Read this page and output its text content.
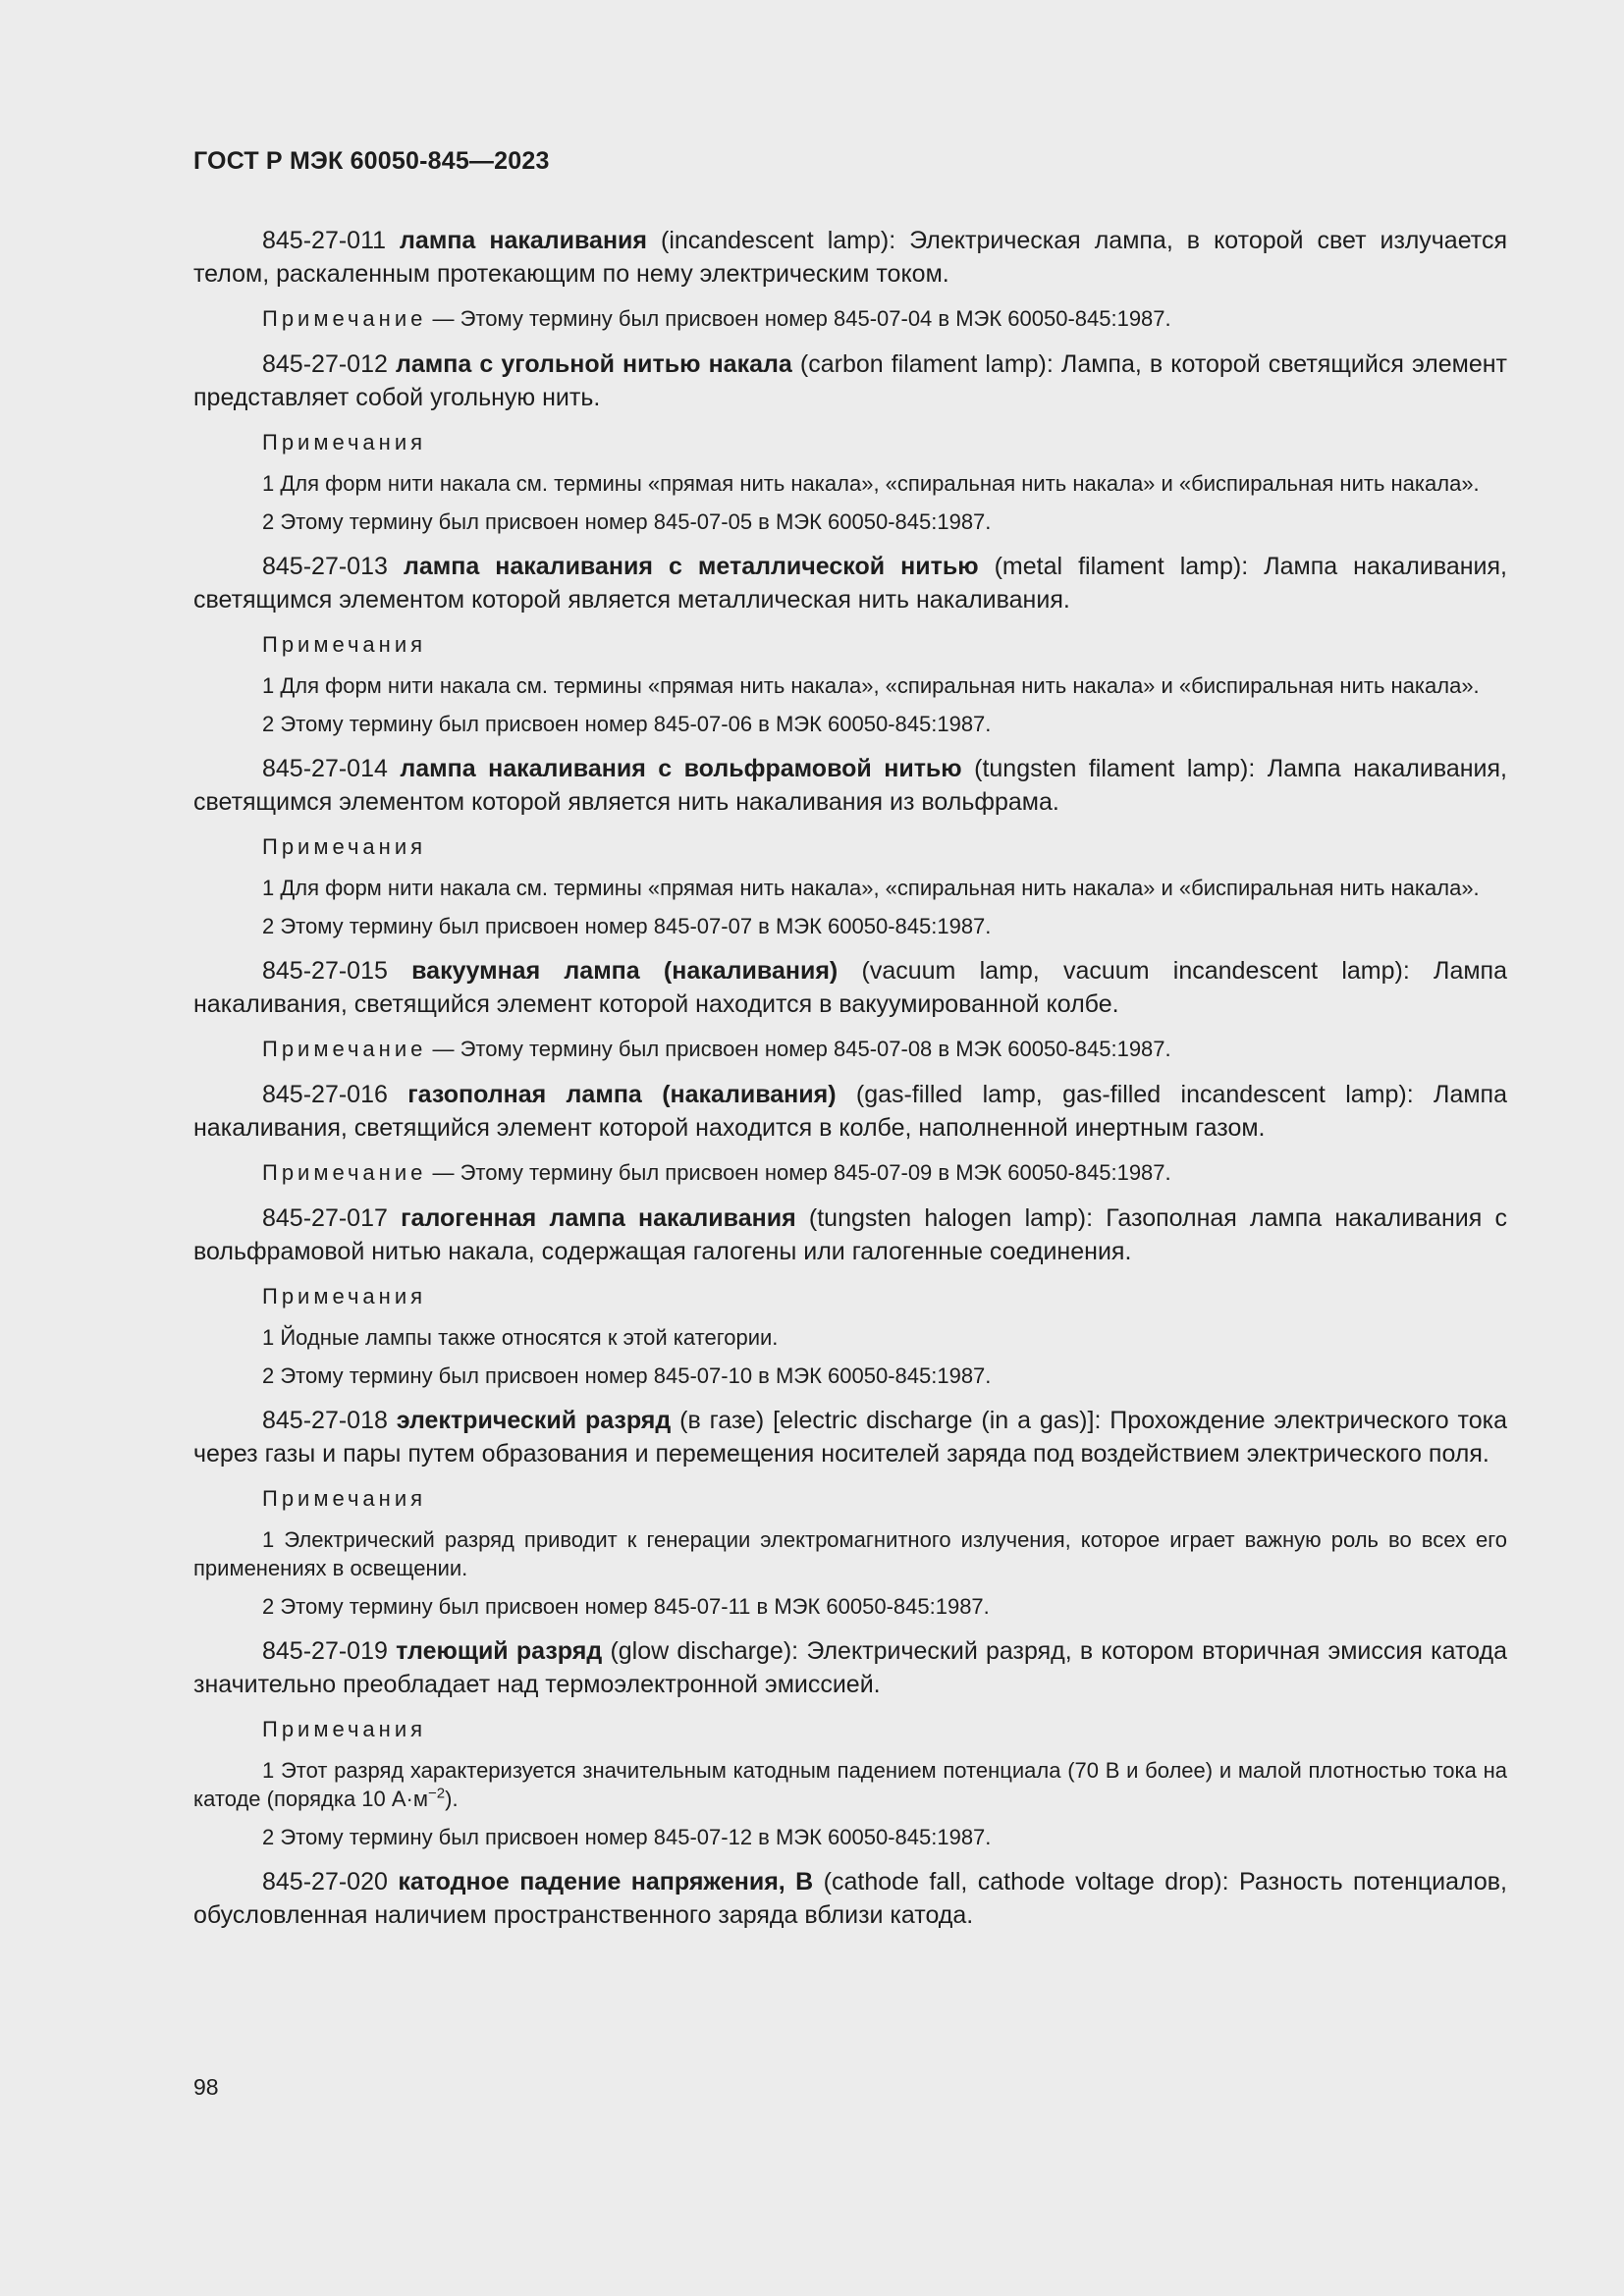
ГОСТ Р МЭК 60050-845—2023

845-27-011 лампа накаливания (incandescent lamp): Электрическая лампа, в которой свет излучается телом, раскаленным протекающим по нему электрическим током.

Примечание — Этому термину был присвоен номер 845-07-04 в МЭК 60050-845:1987.

845-27-012 лампа с угольной нитью накала (carbon filament lamp): Лампа, в которой светящийся элемент представляет собой угольную нить.

Примечания

1 Для форм нити накала см. термины «прямая нить накала», «спиральная нить накала» и «биспиральная нить накала».

2 Этому термину был присвоен номер 845-07-05 в МЭК 60050-845:1987.

845-27-013 лампа накаливания с металлической нитью (metal filament lamp): Лампа накаливания, светящимся элементом которой является металлическая нить накаливания.

Примечания

1 Для форм нити накала см. термины «прямая нить накала», «спиральная нить накала» и «биспиральная нить накала».

2 Этому термину был присвоен номер 845-07-06 в МЭК 60050-845:1987.

845-27-014 лампа накаливания с вольфрамовой нитью (tungsten filament lamp): Лампа накаливания, светящимся элементом которой является нить накаливания из вольфрама.

Примечания

1 Для форм нити накала см. термины «прямая нить накала», «спиральная нить накала» и «биспиральная нить накала».

2 Этому термину был присвоен номер 845-07-07 в МЭК 60050-845:1987.

845-27-015 вакуумная лампа (накаливания) (vacuum lamp, vacuum incandescent lamp): Лампа накаливания, светящийся элемент которой находится в вакуумированной колбе.

Примечание — Этому термину был присвоен номер 845-07-08 в МЭК 60050-845:1987.

845-27-016 газополная лампа (накаливания) (gas-filled lamp, gas-filled incandescent lamp): Лампа накаливания, светящийся элемент которой находится в колбе, наполненной инертным газом.

Примечание — Этому термину был присвоен номер 845-07-09 в МЭК 60050-845:1987.

845-27-017 галогенная лампа накаливания (tungsten halogen lamp): Газополная лампа накаливания с вольфрамовой нитью накала, содержащая галогены или галогенные соединения.

Примечания

1 Йодные лампы также относятся к этой категории.

2 Этому термину был присвоен номер 845-07-10 в МЭК 60050-845:1987.

845-27-018 электрический разряд (в газе) [electric discharge (in a gas)]: Прохождение электрического тока через газы и пары путем образования и перемещения носителей заряда под воздействием электрического поля.

Примечания

1 Электрический разряд приводит к генерации электромагнитного излучения, которое играет важную роль во всех его применениях в освещении.

2 Этому термину был присвоен номер 845-07-11 в МЭК 60050-845:1987.

845-27-019 тлеющий разряд (glow discharge): Электрический разряд, в котором вторичная эмиссия катода значительно преобладает над термоэлектронной эмиссией.

Примечания

1 Этот разряд характеризуется значительным катодным падением потенциала (70 В и более) и малой плотностью тока на катоде (порядка 10 $А\cdot м^{-2}$).

2 Этому термину был присвоен номер 845-07-12 в МЭК 60050-845:1987.

845-27-020 катодное падение напряжения, B (cathode fall, cathode voltage drop): Разность потенциалов, обусловленная наличием пространственного заряда вблизи катода.

98
